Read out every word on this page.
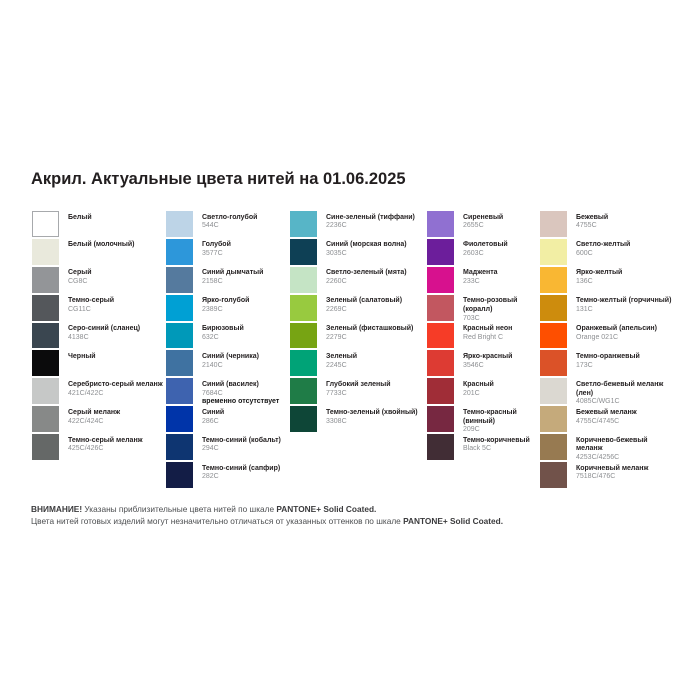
Акрил. Актуальные цвета нитей на 01.06.2025
Белый
Белый (молочный)
Серый
CG8C
Темно-серый
CG11C
Серо-синий (сланец)
4138C
Черный
Серебристо-серый меланж
421C/422C
Серый меланж
422C/424C
Темно-серый меланж
425C/426C
Светло-голубой
544C
Голубой
3577C
Синий дымчатый
2158C
Ярко-голубой
2389C
Бирюзовый
632C
Синий (черника)
2140C
Синий (василек)
7684C
временно отсутствует
Синий
286C
Темно-синий (кобальт)
294C
Темно-синий (сапфир)
282C
Сине-зеленый (тиффани)
2236C
Синий (морская волна)
3035C
Светло-зеленый (мята)
2260C
Зеленый (салатовый)
2269C
Зеленый (фисташковый)
2279C
Зеленый
2245C
Глубокий зеленый
7733C
Темно-зеленый (хвойный)
3308C
Сиреневый
2655C
Фиолетовый
2603C
Маджента
233C
Темно-розовый (коралл)
703C
Красный неон
Red Bright C
Ярко-красный
3546C
Красный
201C
Темно-красный (винный)
209C
Темно-коричневый
Black 5C
Бежевый
4755C
Светло-желтый
600C
Ярко-желтый
136C
Темно-желтый (горчичный)
131C
Оранжевый (апельсин)
Orange 021C
Темно-оранжевый
173C
Светло-бежевый меланж (лен)
4085C/WG1C
Бежевый меланж
4755C/4745C
Коричнево-бежевый меланж
4253C/4256C
Коричневый меланж
7518C/476C
ВНИМАНИЕ! Указаны приблизительные цвета нитей по шкале PANTONE+ Solid Coated.
Цвета нитей готовых изделий могут незначительно отличаться от указанных оттенков по шкале PANTONE+ Solid Coated.
